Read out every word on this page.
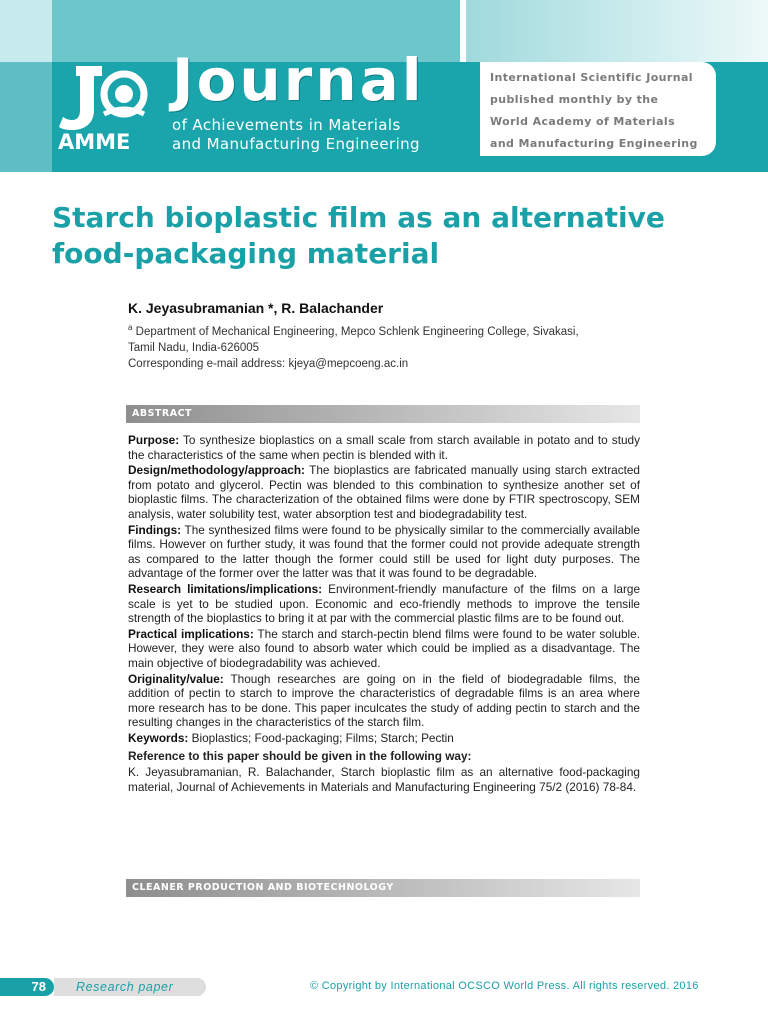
AMME
Journal
of Achievements in Materials
and Manufacturing Engineering
International Scientific Journal
published monthly by the
World Academy of Materials
and Manufacturing Engineering
Starch bioplastic film as an alternative
food-packaging material
K. Jeyasubramanian *, R. Balachander
$^a$ Department of Mechanical Engineering, Mepco Schlenk Engineering College, Sivakasi,
Tamil Nadu, India-626005
Corresponding e-mail address: kjeya@mepcoeng.ac.in
ABSTRACT

Purpose: To synthesize bioplastics on a small scale from starch available in potato and to study the characteristics of the same when pectin is blended with it.

Design/methodology/approach: The bioplastics are fabricated manually using starch extracted from potato and glycerol. Pectin was blended to this combination to synthesize another set of bioplastic films. The characterization of the obtained films were done by FTIR spectroscopy, SEM analysis, water solubility test, water absorption test and biodegradability test.

Findings: The synthesized films were found to be physically similar to the commercially available films. However on further study, it was found that the former could not provide adequate strength as compared to the latter though the former could still be used for light duty purposes. The advantage of the former over the latter was that it was found to be degradable.

Research limitations/implications: Environment-friendly manufacture of the films on a large scale is yet to be studied upon. Economic and eco-friendly methods to improve the tensile strength of the bioplastics to bring it at par with the commercial plastic films are to be found out.

Practical implications: The starch and starch-pectin blend films were found to be water soluble. However, they were also found to absorb water which could be implied as a disadvantage. The main objective of biodegradability was achieved.

Originality/value: Though researches are going on in the field of biodegradable films, the addition of pectin to starch to improve the characteristics of degradable films is an area where more research has to be done. This paper inculcates the study of adding pectin to starch and the resulting changes in the characteristics of the starch film.

Keywords: Bioplastics; Food-packaging; Films; Starch; Pectin

Reference to this paper should be given in the following way:

K. Jeyasubramanian, R. Balachander, Starch bioplastic film as an alternative food-packaging material, Journal of Achievements in Materials and Manufacturing Engineering 75/2 (2016) 78-84.

CLEANER PRODUCTION AND BIOTECHNOLOGY
Research paper
78	© Copyright by International OCSCO World Press. All rights reserved. 2016
